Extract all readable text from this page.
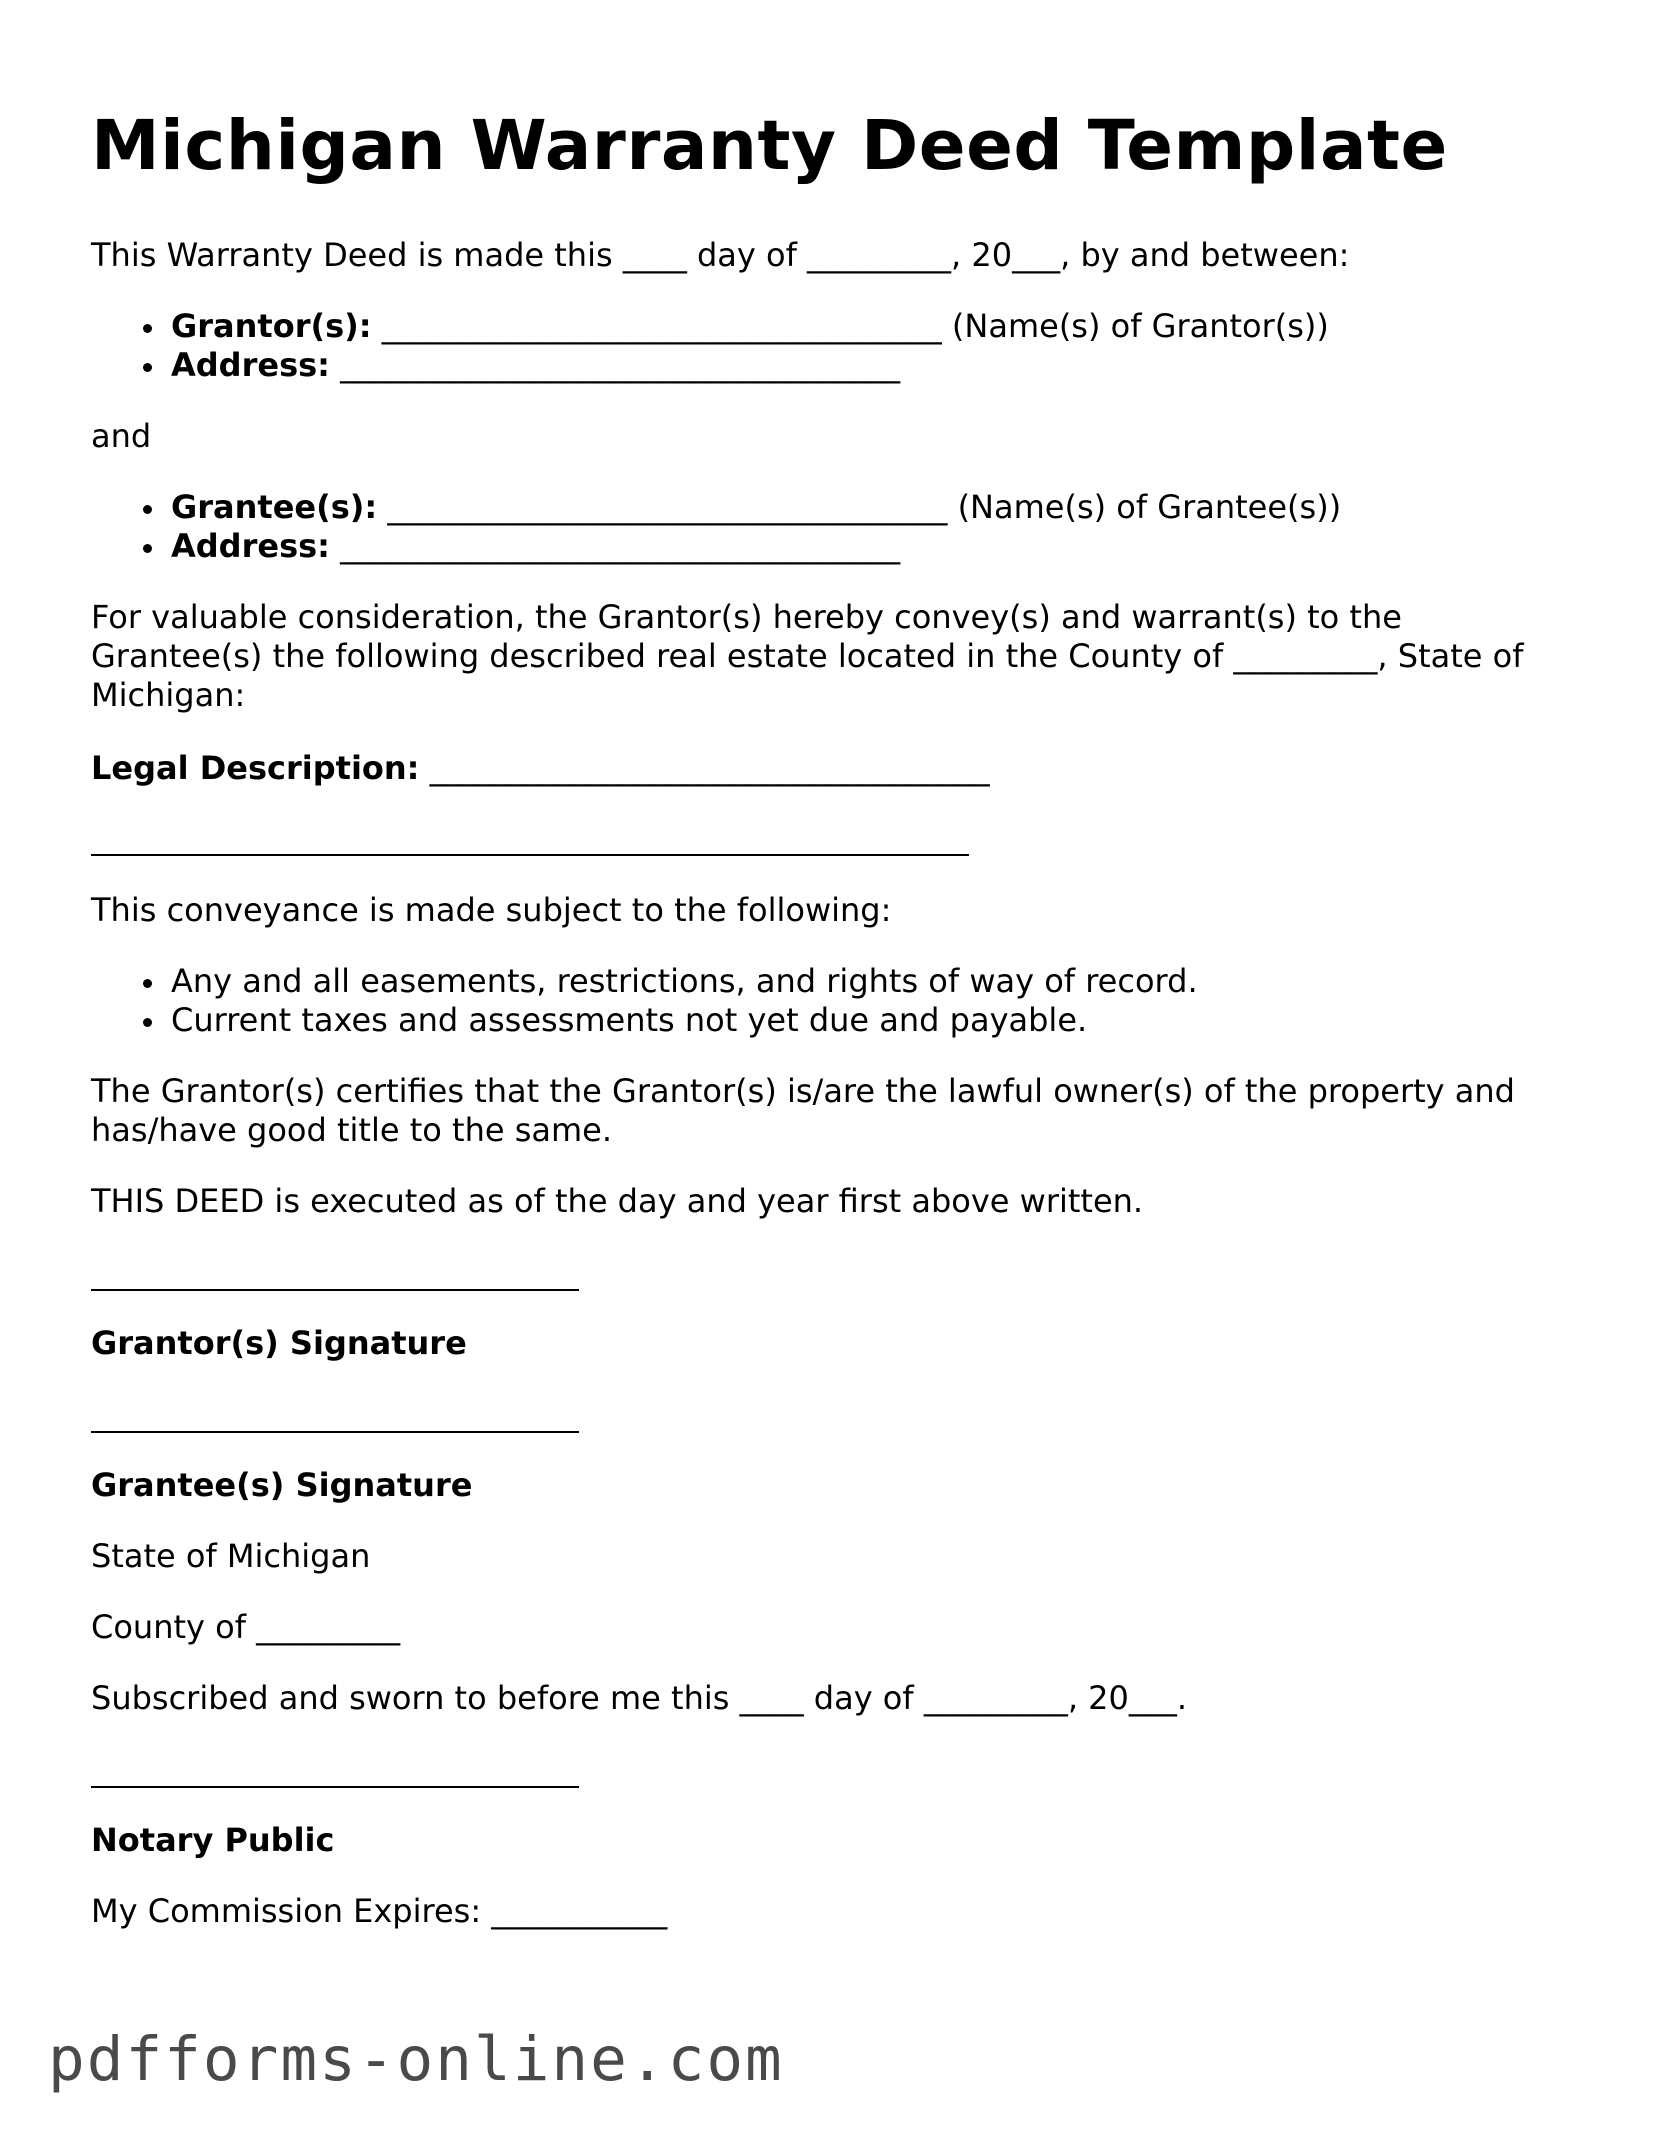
Michigan Warranty Deed Template

This Warranty Deed is made this ____ day of _________, 20___, by and between:

Grantor(s): ___________________________________ (Name(s) of Grantor(s))
Address: ___________________________________

and

Grantee(s): ___________________________________ (Name(s) of Grantee(s))
Address: ___________________________________

For valuable consideration, the Grantor(s) hereby convey(s) and warrant(s) to the Grantee(s) the following described real estate located in the County of _________, State of Michigan:

Legal Description: ___________________________________

This conveyance is made subject to the following:

Any and all easements, restrictions, and rights of way of record.
Current taxes and assessments not yet due and payable.

The Grantor(s) certifies that the Grantor(s) is/are the lawful owner(s) of the property and has/have good title to the same.

THIS DEED is executed as of the day and year first above written.

Grantor(s) Signature

Grantee(s) Signature

State of Michigan

County of _________

Subscribed and sworn to before me this ____ day of _________, 20___.

Notary Public

My Commission Expires: ___________

pdfforms-online.com
